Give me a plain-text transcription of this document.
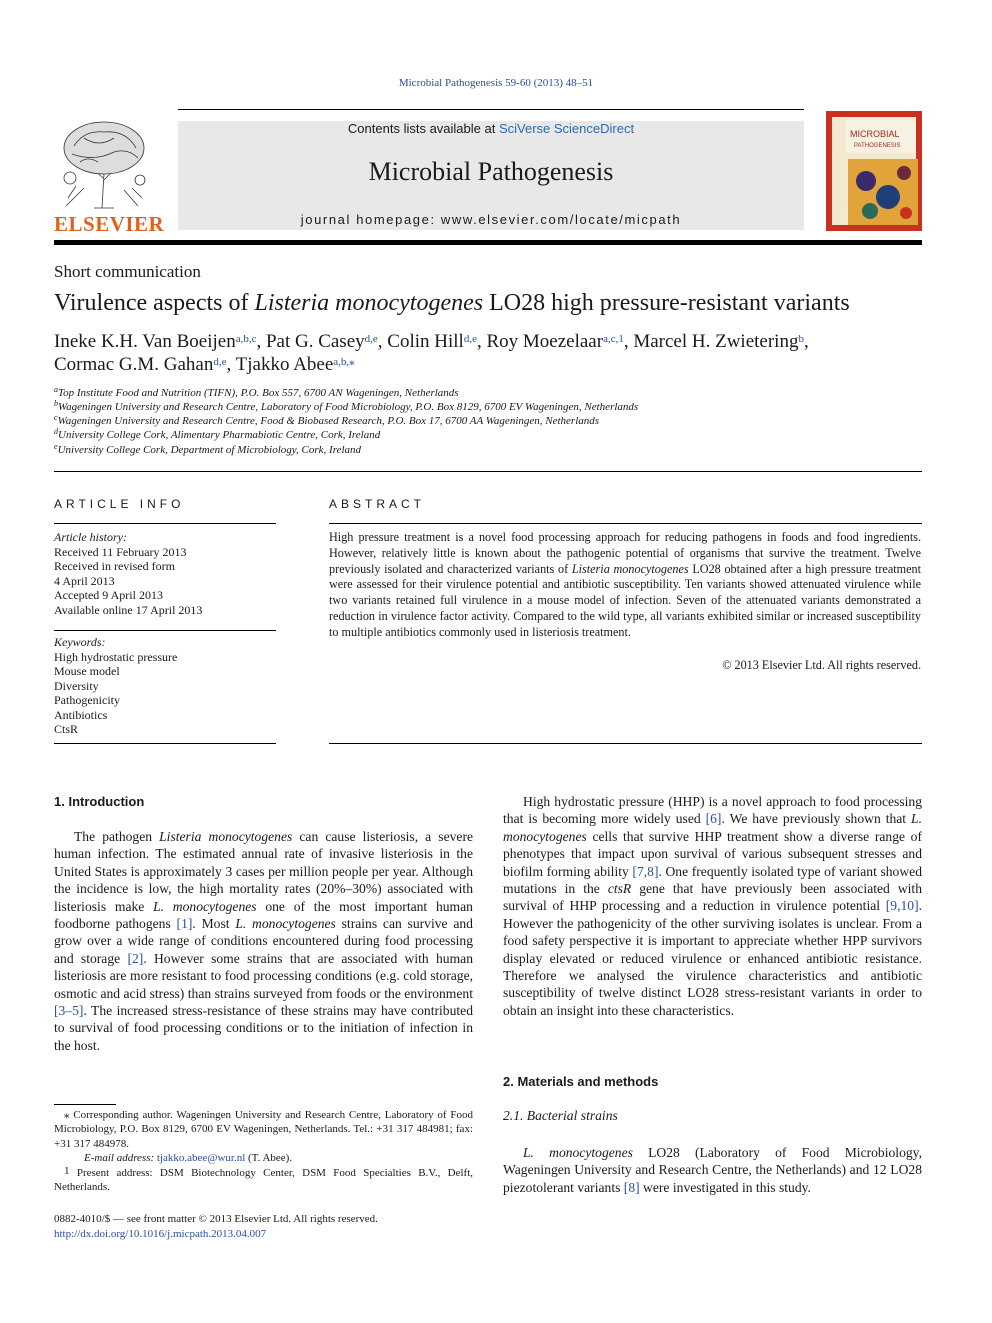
Microbial Pathogenesis 59-60 (2013) 48–51
ELSEVIER
Contents lists available at SciVerse ScienceDirect
Microbial Pathogenesis
journal homepage: www.elsevier.com/locate/micpath
MICROBIAL
PATHOGENESIS
Short communication
Virulence aspects of Listeria monocytogenes LO28 high pressure-resistant variants
Ineke K.H. Van Boeijen$^{a,b,c}$, Pat G. Casey$^{d,e}$, Colin Hill$^{d,e}$, Roy Moezelaar$^{a,c,1}$, Marcel H. Zwietering$^b$,
Cormac G.M. Gahan$^{d,e}$, Tjakko Abee$^{a,b,⁎}$
$^a$Top Institute Food and Nutrition (TIFN), P.O. Box 557, 6700 AN Wageningen, Netherlands
$^b$Wageningen University and Research Centre, Laboratory of Food Microbiology, P.O. Box 8129, 6700 EV Wageningen, Netherlands
$^c$Wageningen University and Research Centre, Food & Biobased Research, P.O. Box 17, 6700 AA Wageningen, Netherlands
$^d$University College Cork, Alimentary Pharmabiotic Centre, Cork, Ireland
$^e$University College Cork, Department of Microbiology, Cork, Ireland
ARTICLE INFO
Article history:
Received 11 February 2013
Received in revised form
4 April 2013
Accepted 9 April 2013
Available online 17 April 2013
Keywords:
High hydrostatic pressure
Mouse model
Diversity
Pathogenicity
Antibiotics
CtsR
ABSTRACT
High pressure treatment is a novel food processing approach for reducing pathogens in foods and food ingredients. However, relatively little is known about the pathogenic potential of organisms that survive the treatment. Twelve previously isolated and characterized variants of Listeria monocytogenes LO28 obtained after a high pressure treatment were assessed for their virulence potential and antibiotic susceptibility. Ten variants showed attenuated virulence while two variants retained full virulence in a mouse model of infection. Seven of the attenuated variants demonstrated a reduction in virulence factor activity. Compared to the wild type, all variants exhibited similar or increased susceptibility to multiple antibiotics commonly used in listeriosis treatment.
© 2013 Elsevier Ltd. All rights reserved.
1. Introduction

The pathogen Listeria monocytogenes can cause listeriosis, a severe human infection. The estimated annual rate of invasive listeriosis in the United States is approximately 3 cases per million people per year. Although the incidence is low, the high mortality rates (20%–30%) associated with listeriosis make L. monocytogenes one of the most important human foodborne pathogens [1]. Most L. monocytogenes strains can survive and grow over a wide range of conditions encountered during food processing and storage [2]. However some strains that are associated with human listeriosis are more resistant to food processing conditions (e.g. cold storage, osmotic and acid stress) than strains surveyed from foods or the environment [3–5]. The increased stress-resistance of these strains may have contributed to survival of food processing conditions or to the initiation of infection in the host.

High hydrostatic pressure (HHP) is a novel approach to food processing that is becoming more widely used [6]. We have previously shown that L. monocytogenes cells that survive HHP treatment show a diverse range of phenotypes that impact upon survival of various subsequent stresses and biofilm forming ability [7,8]. One frequently isolated type of variant showed mutations in the ctsR gene that have previously been associated with survival of HHP processing and a reduction in virulence potential [9,10]. However the pathogenicity of the other surviving isolates is unclear. From a food safety perspective it is important to appreciate whether HPP survivors display elevated or reduced virulence or enhanced antibiotic resistance. Therefore we analysed the virulence characteristics and antibiotic susceptibility of twelve distinct LO28 stress-resistant variants in order to obtain an insight into these characteristics.

2. Materials and methods
2.1. Bacterial strains

L. monocytogenes LO28 (Laboratory of Food Microbiology, Wageningen University and Research Centre, the Netherlands) and 12 LO28 piezotolerant variants [8] were investigated in this study.

⁎ Corresponding author. Wageningen University and Research Centre, Laboratory of Food Microbiology, P.O. Box 8129, 6700 EV Wageningen, Netherlands. Tel.: +31 317 484981; fax: +31 317 484978.
E-mail address: tjakko.abee@wur.nl (T. Abee).
$^1$ Present address: DSM Biotechnology Center, DSM Food Specialties B.V., Delft, Netherlands.
0882-4010/$ — see front matter © 2013 Elsevier Ltd. All rights reserved.
http://dx.doi.org/10.1016/j.micpath.2013.04.007
